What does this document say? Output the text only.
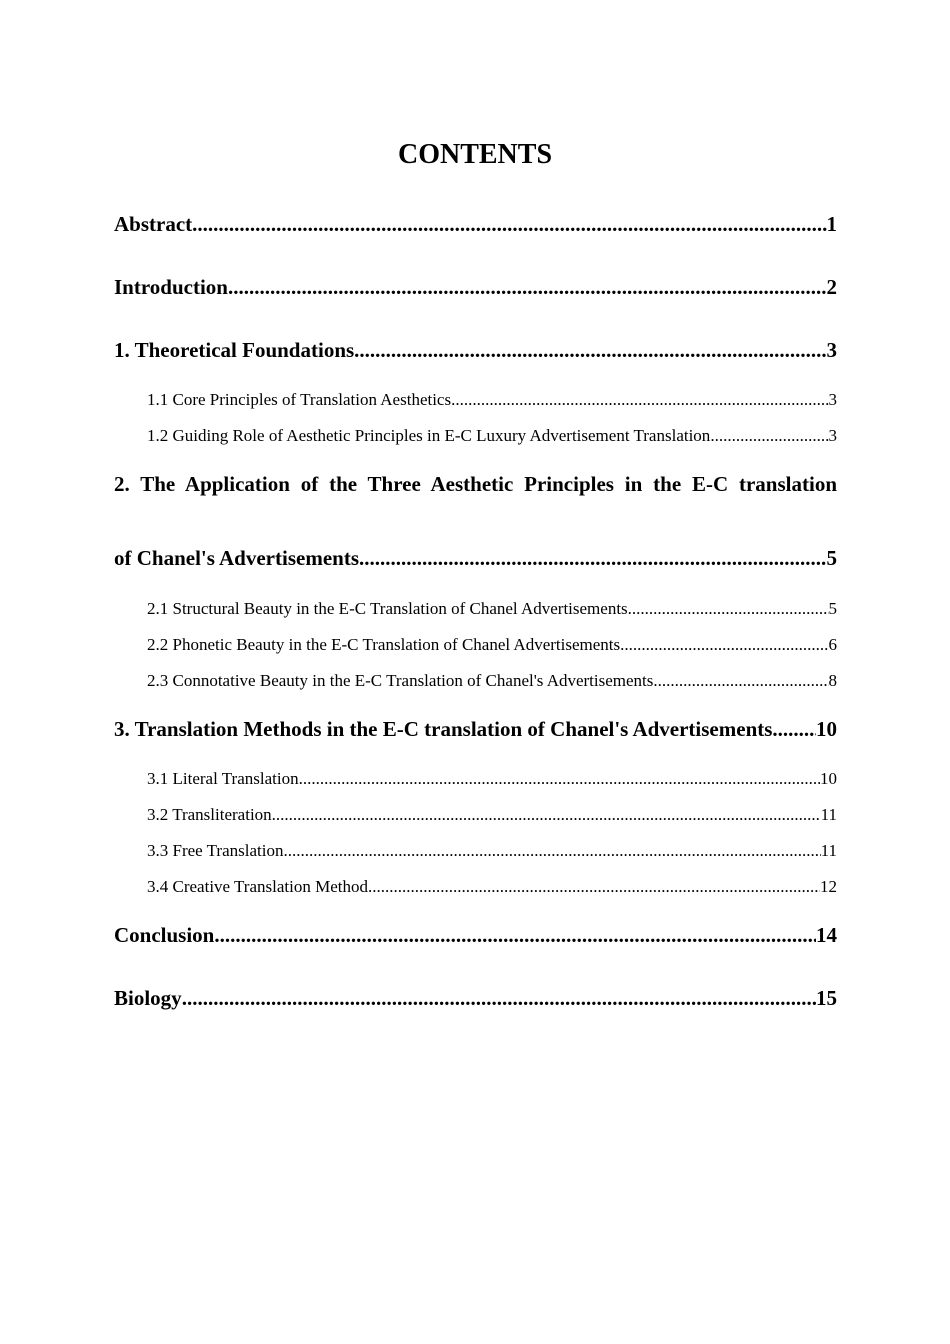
CONTENTS
Abstract .....	1
Introduction .....	2
1. Theoretical Foundations .....	3
1.1 Core Principles of Translation Aesthetics .....	3
1.2 Guiding Role of Aesthetic Principles in E-C Luxury Advertisement Translation .....	3
2. The Application of the Three Aesthetic Principles in the E-C translation
of Chanel's Advertisements .....	5
2.1 Structural Beauty in the E-C Translation of Chanel Advertisements .....	5
2.2 Phonetic Beauty in the E-C Translation of Chanel Advertisements .....	6
2.3 Connotative Beauty in the E-C Translation of Chanel's Advertisements .....	8
3. Translation Methods in the E-C translation of Chanel's Advertisements ..... 10
3.1 Literal Translation .....	10
3.2 Transliteration .....	11
3.3 Free Translation .....	11
3.4 Creative Translation Method .....	12
Conclusion .....	14
Biology .....	15
